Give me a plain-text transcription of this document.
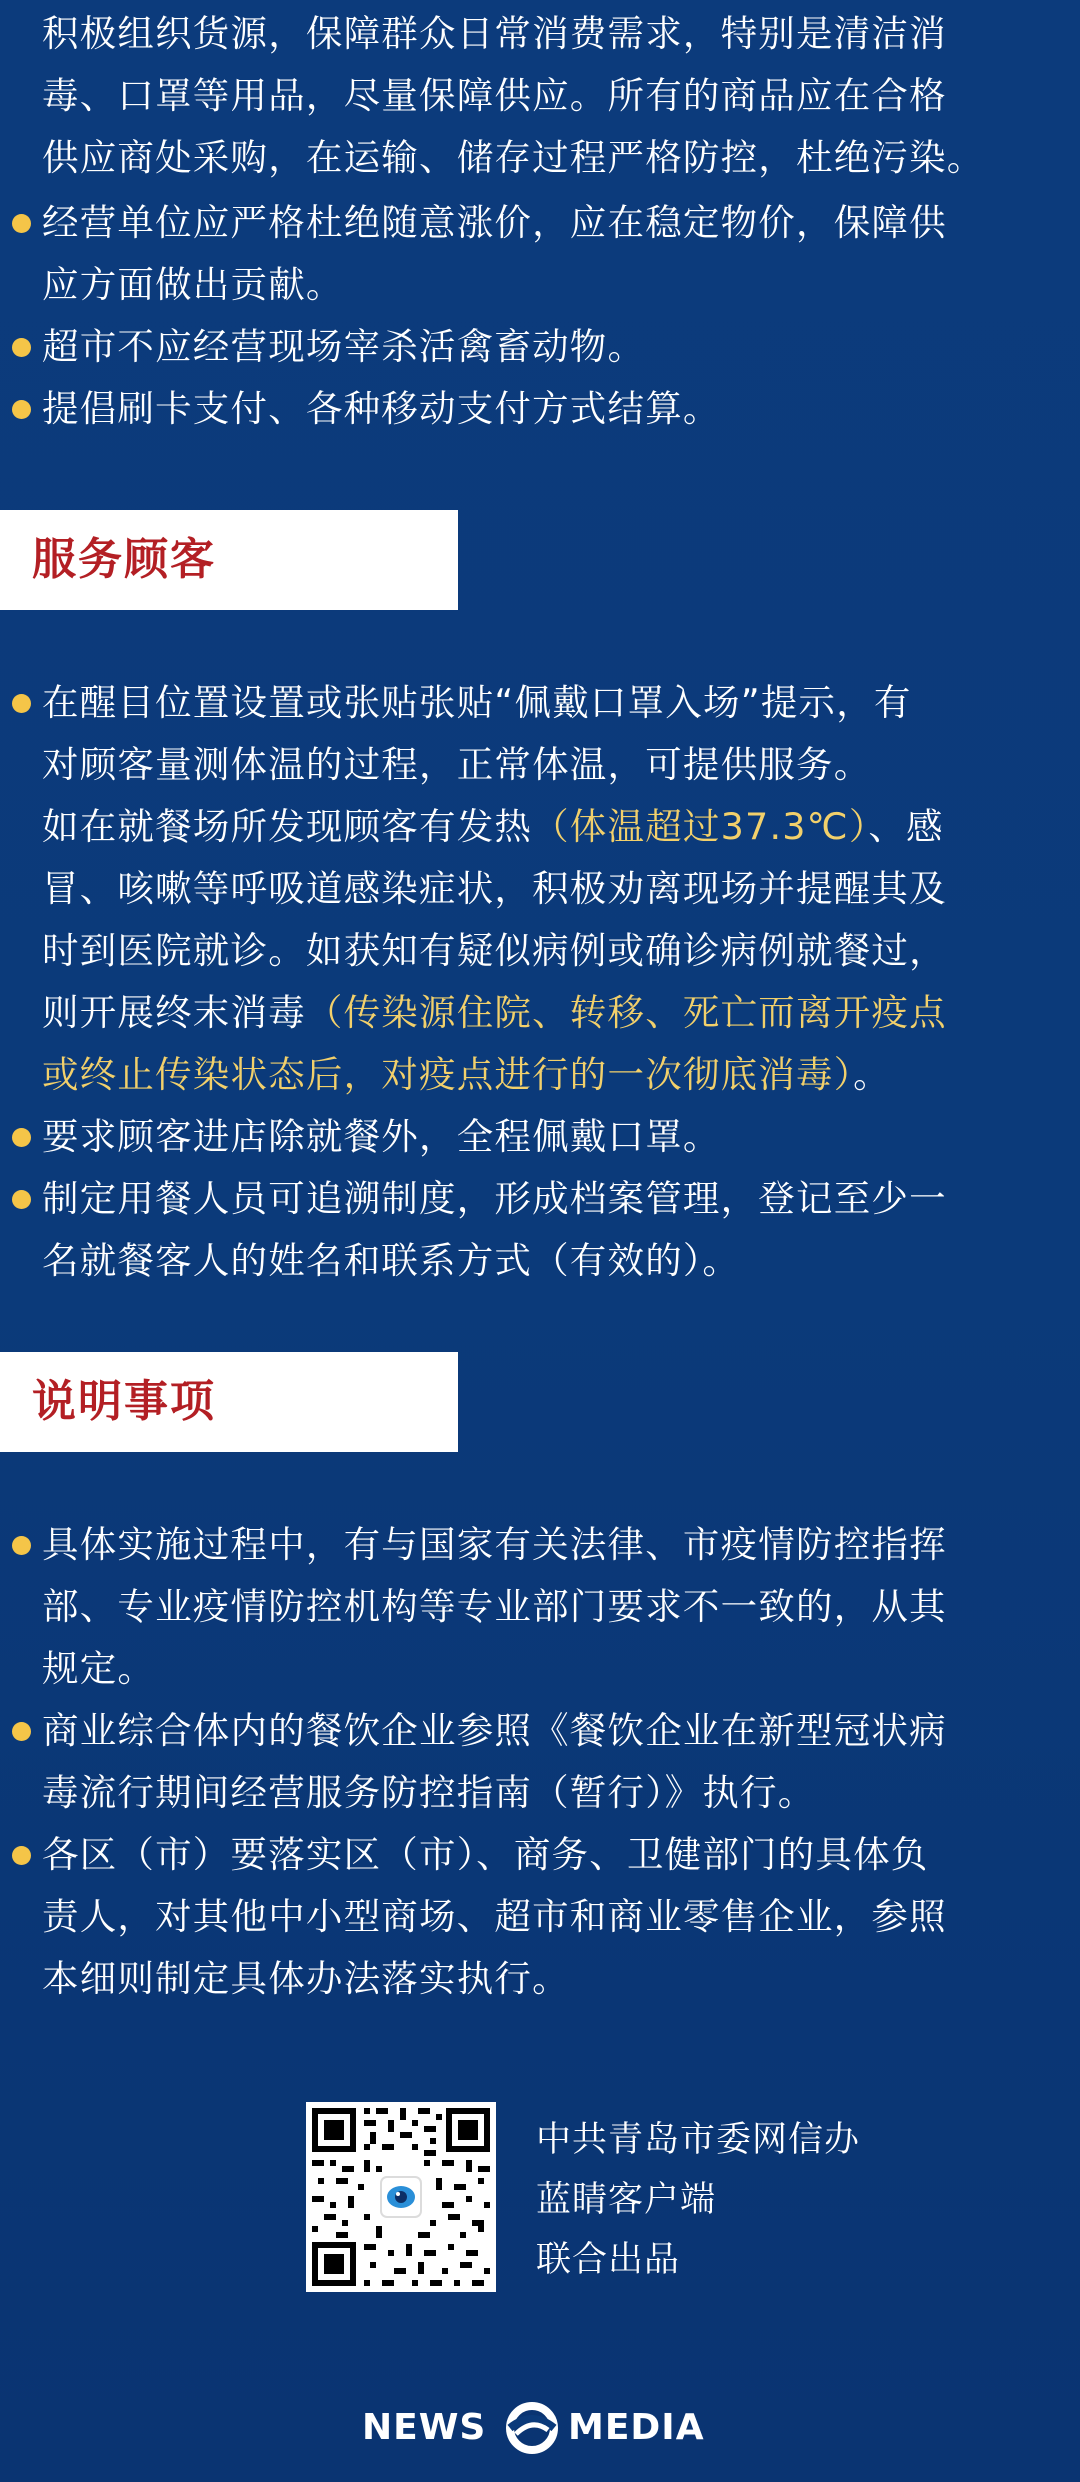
积极组织货源，保障群众日常消费需求，特别是清洁消
毒、口罩等用品，尽量保障供应。所有的商品应在合格
供应商处采购，在运输、储存过程严格防控，杜绝污染。
经营单位应严格杜绝随意涨价，应在稳定物价，保障供
应方面做出贡献。
超市不应经营现场宰杀活禽畜动物。
提倡刷卡支付、各种移动支付方式结算。
服务顾客
在醒目位置设置或张贴张贴“佩戴口罩入场”提示，有
对顾客量测体温的过程，正常体温，可提供服务。
如在就餐场所发现顾客有发热（体温超过37.3℃）、感
冒、咳嗽等呼吸道感染症状，积极劝离现场并提醒其及
时到医院就诊。如获知有疑似病例或确诊病例就餐过，
则开展终末消毒（传染源住院、转移、死亡而离开疫点
或终止传染状态后，对疫点进行的一次彻底消毒）。
要求顾客进店除就餐外，全程佩戴口罩。
制定用餐人员可追溯制度，形成档案管理，登记至少一
名就餐客人的姓名和联系方式（有效的）。
说明事项
具体实施过程中，有与国家有关法律、市疫情防控指挥
部、专业疫情防控机构等专业部门要求不一致的，从其
规定。
商业综合体内的餐饮企业参照《餐饮企业在新型冠状病
毒流行期间经营服务防控指南（暂行）》执行。
各区（市）要落实区（市）、商务、卫健部门的具体负
责人，对其他中小型商场、超市和商业零售企业，参照
本细则制定具体办法落实执行。
中共青岛市委网信办
蓝睛客户端
联合出品
NEWS MEDIA
